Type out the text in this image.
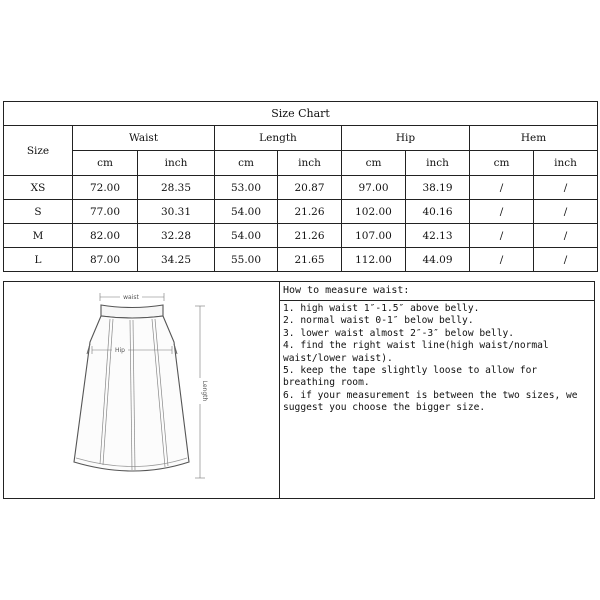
Size Chart								
Size	Waist		Length		Hip		Hem	
	cm	inch	cm	inch	cm	inch	cm	inch
XS	72.00	28.35	53.00	20.87	97.00	38.19	/	/
S	77.00	30.31	54.00	21.26	102.00	40.16	/	/
M	82.00	32.28	54.00	21.26	107.00	42.13	/	/
L	87.00	34.25	55.00	21.65	112.00	44.09	/	/
waist
Hip
Length
How to measure waist:
1. high waist 1″-1.5″ above belly.
2. normal waist 0-1″ below belly.
3. lower waist almost 2″-3″ below belly.
4. find the right waist line(high waist/normal waist/lower waist).
5. keep the tape slightly loose to allow for breathing room.
6. if your measurement is between the two sizes, we suggest you choose the bigger size.
